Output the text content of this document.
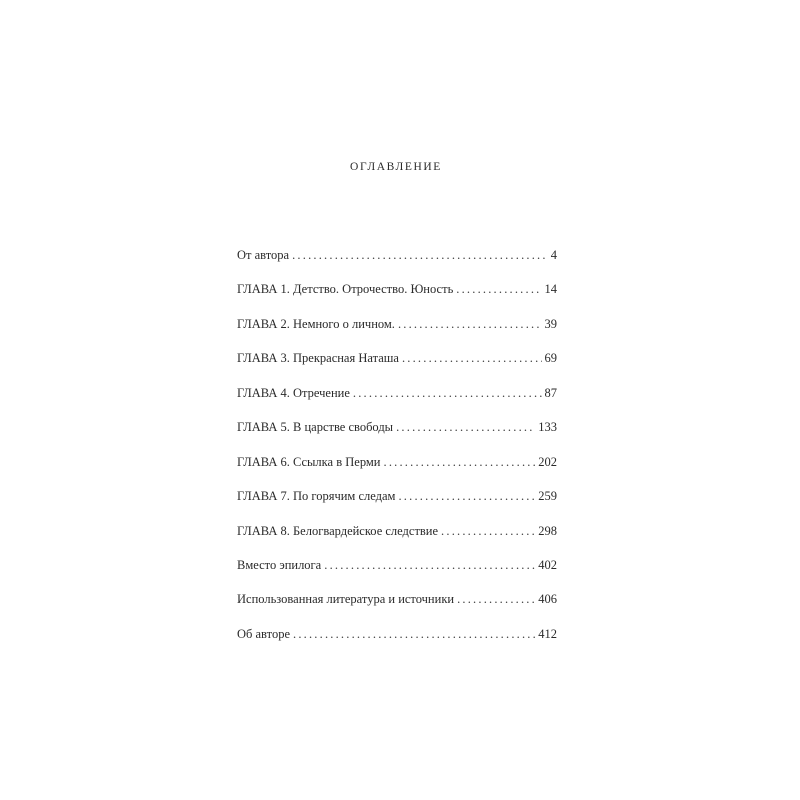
ОГЛАВЛЕНИЕ
От автора .....	4
ГЛАВА 1. Детство. Отрочество. Юность .....	14
ГЛАВА 2. Немного о личном. .....	39
ГЛАВА 3. Прекрасная Наташа .....	69
ГЛАВА 4. Отречение .....	87
ГЛАВА 5. В царстве свободы .....	133
ГЛАВА 6. Ссылка в Перми .....	202
ГЛАВА 7. По горячим следам .....	259
ГЛАВА 8. Белогвардейское следствие .....	298
Вместо эпилога .....	402
Использованная литература и источники .....	406
Об авторе .....	412
